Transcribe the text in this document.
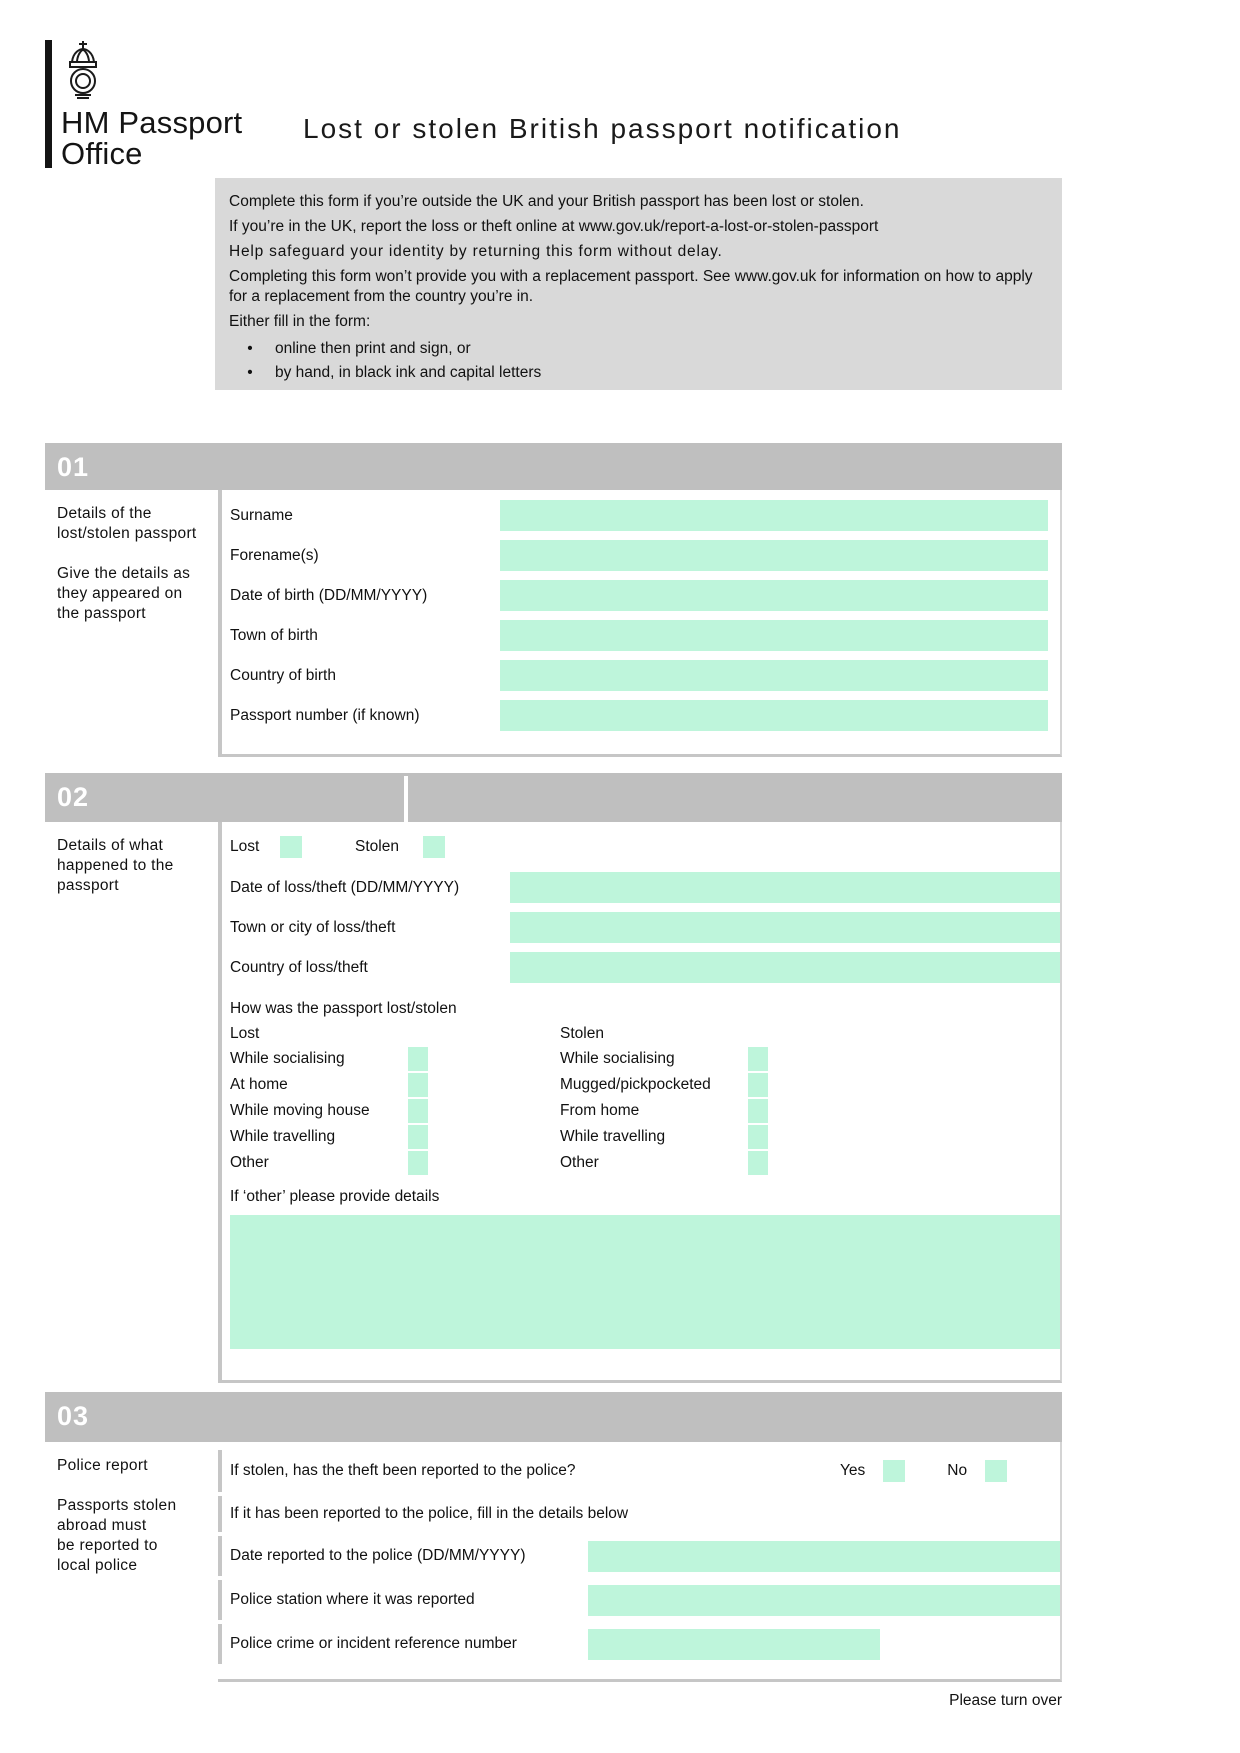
HM Passport
Office
Lost or stolen British passport notification

Complete this form if you’re outside the UK and your British passport has been lost or stolen.

If you’re in the UK, report the loss or theft online at www.gov.uk/report-a-lost-or-stolen-passport

Help safeguard your identity by returning this form without delay.

Completing this form won’t provide you with a replacement passport. See www.gov.uk for information on how to apply for a replacement from the country you’re in.

Either fill in the form:

• online then print and sign, or
• by hand, in black ink and capital letters
01

Details of the lost/stolen passport

Give the details as they appeared on the passport

Surname
Forename(s)
Date of birth (DD/MM/YYYY)
Town of birth
Country of birth
Passport number (if known)
02

Details of what happened to the passport

Lost	Stolen
Date of loss/theft (DD/MM/YYYY)
Town or city of loss/theft
Country of loss/theft
How was the passport lost/stolen
Lost	Stolen
While socialising	While socialising
At home	Mugged/pickpocketed
While moving house	From home
While travelling	While travelling
Other	Other
If ‘other’ please provide details
03

Police report

Passports stolen
abroad must
be reported to
local police

If stolen, has the theft been reported to the police?	Yes	No
If it has been reported to the police, fill in the details below
Date reported to the police (DD/MM/YYYY)
Police station where it was reported
Police crime or incident reference number
Please turn over
